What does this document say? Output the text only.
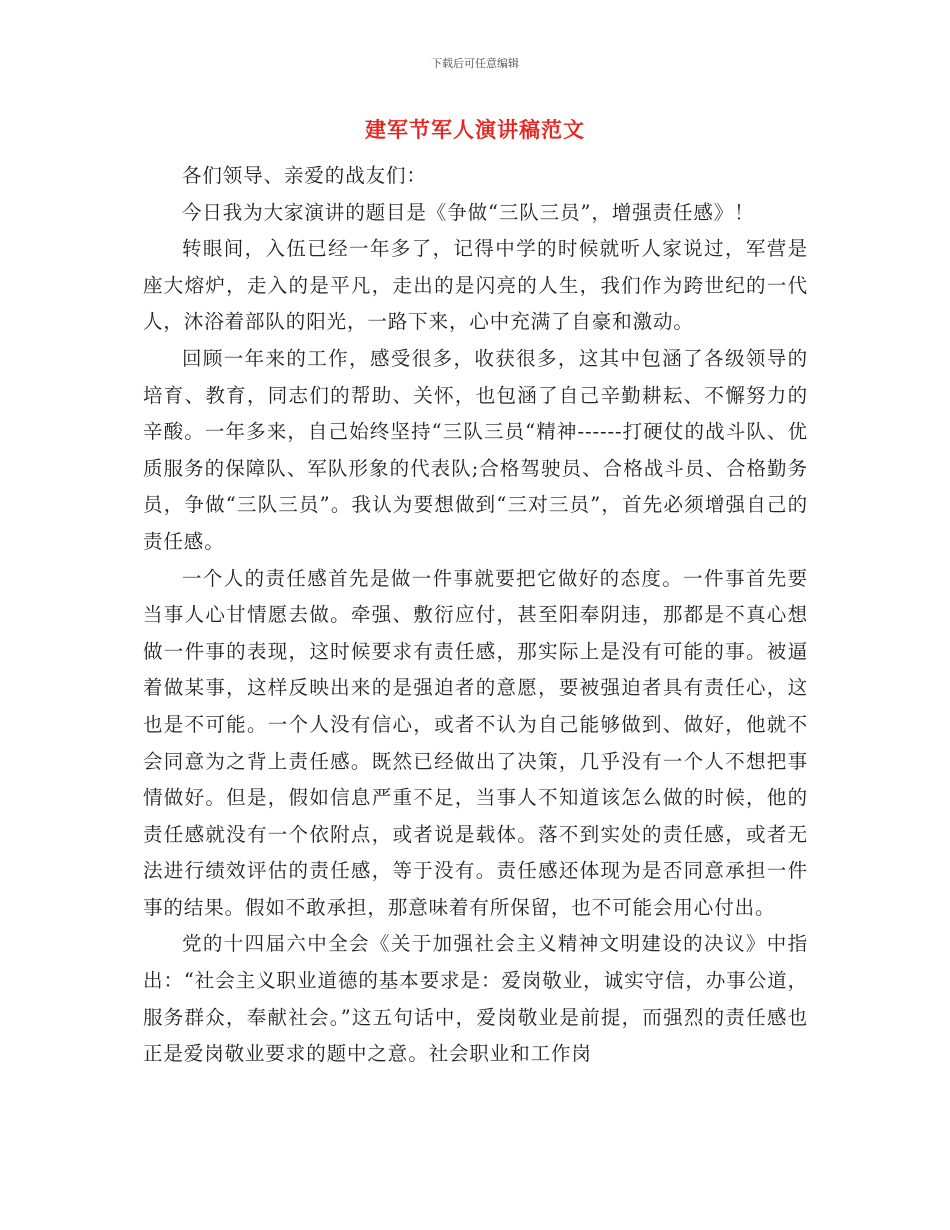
下载后可任意编辑
建军节军人演讲稿范文

各们领导、亲爱的战友们：

今日我为大家演讲的题目是《争做“三队三员”，增强责任感》！

转眼间，入伍已经一年多了，记得中学的时候就听人家说过，军营是座大熔炉，走入的是平凡，走出的是闪亮的人生，我们作为跨世纪的一代人，沐浴着部队的阳光，一路下来，心中充满了自豪和激动。

回顾一年来的工作，感受很多，收获很多，这其中包涵了各级领导的培育、教育，同志们的帮助、关怀，也包涵了自己辛勤耕耘、不懈努力的辛酸。一年多来，自己始终坚持“三队三员“精神------打硬仗的战斗队、优质服务的保障队、军队形象的代表队;合格驾驶员、合格战斗员、合格勤务员，争做“三队三员”。我认为要想做到“三对三员”，首先必须增强自己的责任感。

一个人的责任感首先是做一件事就要把它做好的态度。一件事首先要当事人心甘情愿去做。牵强、敷衍应付，甚至阳奉阴违，那都是不真心想做一件事的表现，这时候要求有责任感，那实际上是没有可能的事。被逼着做某事，这样反映出来的是强迫者的意愿，要被强迫者具有责任心，这也是不可能。一个人没有信心，或者不认为自己能够做到、做好，他就不会同意为之背上责任感。既然已经做出了决策，几乎没有一个人不想把事情做好。但是，假如信息严重不足，当事人不知道该怎么做的时候，他的责任感就没有一个依附点，或者说是载体。落不到实处的责任感，或者无法进行绩效评估的责任感，等于没有。责任感还体现为是否同意承担一件事的结果。假如不敢承担，那意味着有所保留，也不可能会用心付出。

党的十四届六中全会《关于加强社会主义精神文明建设的决议》中指出：“社会主义职业道德的基本要求是：爱岗敬业，诚实守信，办事公道，服务群众，奉献社会。”这五句话中，爱岗敬业是前提，而强烈的责任感也正是爱岗敬业要求的题中之意。社会职业和工作岗
